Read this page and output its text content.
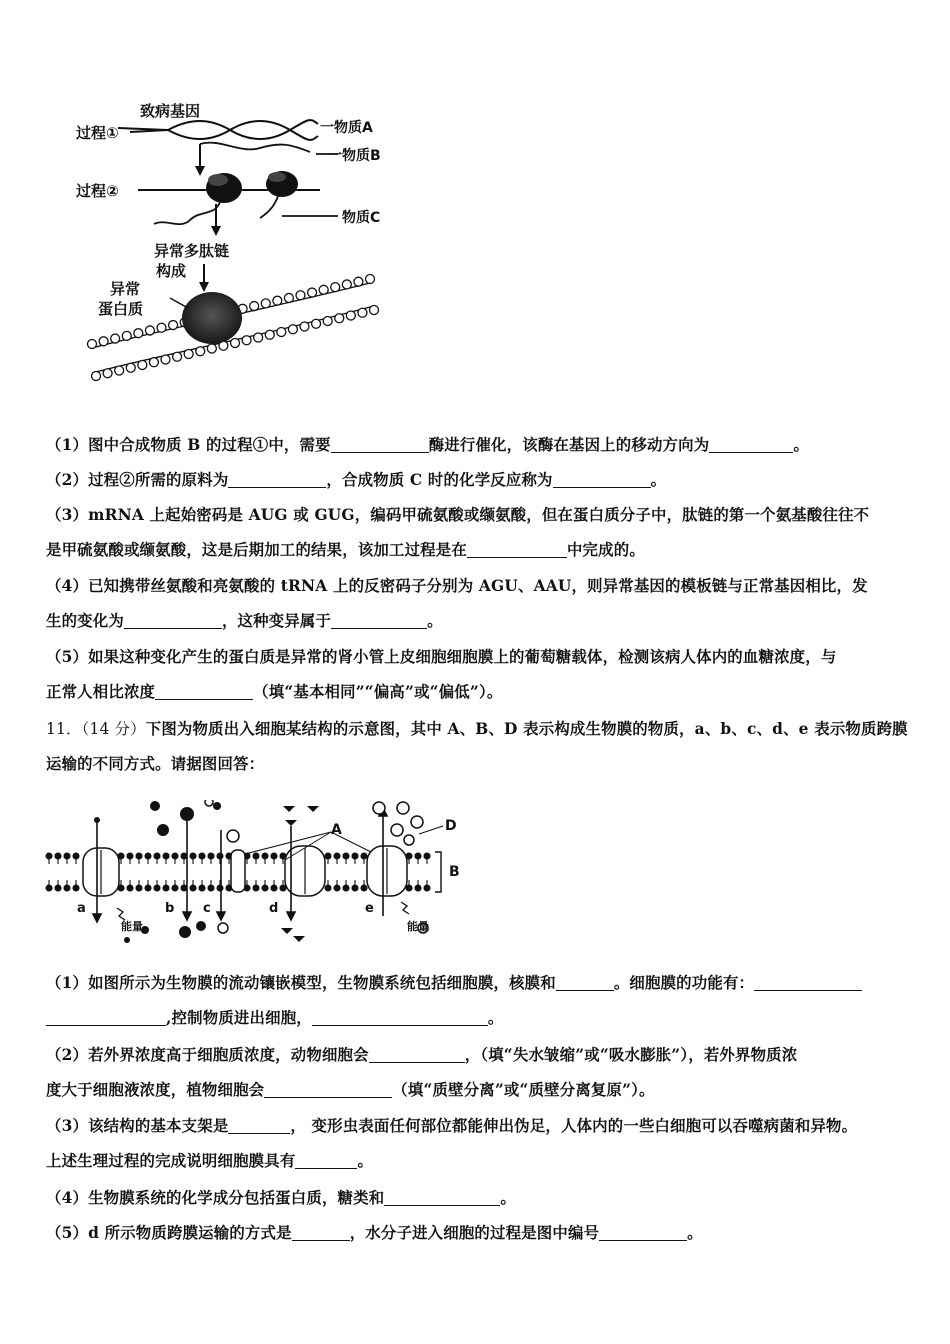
致病基因
过程①	一物质A
一物质B
过程②
物质C
异常多肽链
构成
异常
蛋白质
（1）图中合成物质 B 的过程①中，需要	酶进行催化，该酶在基因上的移动方向为	。
（2）过程②所需的原料为	，合成物质 C 时的化学反应称为	。
（3）mRNA 上起始密码是 AUG 或 GUG，编码甲硫氨酸或缬氨酸，但在蛋白质分子中，肽链的第一个氨基酸往往不
是甲硫氨酸或缬氨酸，这是后期加工的结果，该加工过程是在	中完成的。
（4）已知携带丝氨酸和亮氨酸的 tRNA 上的反密码子分别为 AGU、AAU，则异常基因的模板链与正常基因相比，发
生的变化为	，这种变异属于	。
（5）如果这种变化产生的蛋白质是异常的肾小管上皮细胞细胞膜上的葡萄糖载体，检测该病人体内的血糖浓度，与
正常人相比浓度	（填“基本相同”“偏高”或“偏低”）。
11．（14 分）下图为物质出入细胞某结构的示意图，其中 A、B、D 表示构成生物膜的物质，a、b、c、d、e 表示物质跨膜
运输的不同方式。请据图回答：
A	D
B
a	b c	d	e
能量	能量
（1）如图所示为生物膜的流动镶嵌模型，生物膜系统包括细胞膜，核膜和	。细胞膜的功能有：
,控制物质进出细胞，	。
（2）若外界浓度高于细胞质浓度，动物细胞会	，（填“失水皱缩”或“吸水膨胀”），若外界物质浓
度大于细胞液浓度，植物细胞会	（填“质壁分离”或“质壁分离复原”）。
（3）该结构的基本支架是	， 变形虫表面任何部位都能伸出伪足，人体内的一些白细胞可以吞噬病菌和异物。
上述生理过程的完成说明细胞膜具有	。
（4）生物膜系统的化学成分包括蛋白质，糖类和	。
（5）d 所示物质跨膜运输的方式是	，水分子进入细胞的过程是图中编号	。
